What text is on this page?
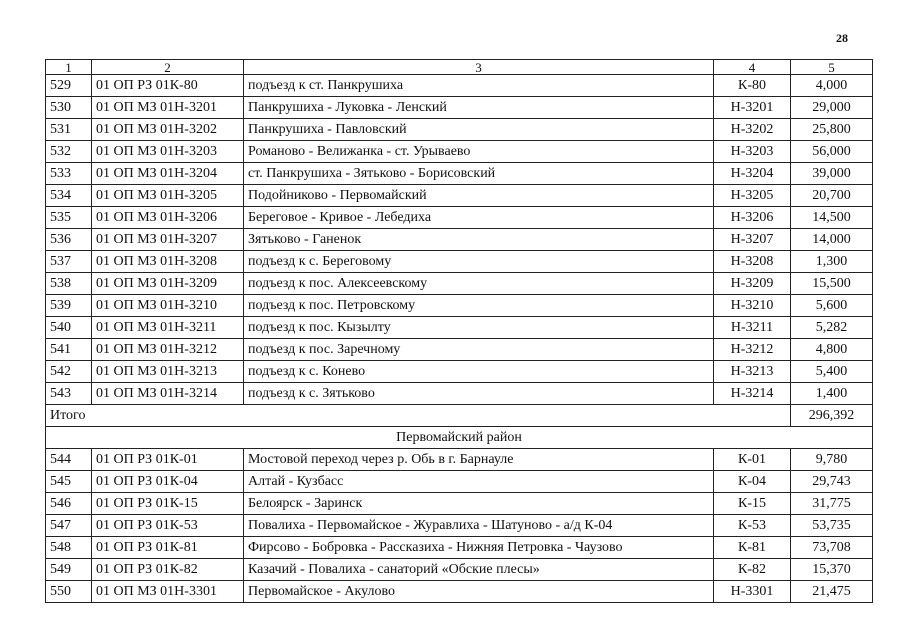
28
1	2	3	4	5
529	01 ОП РЗ 01К-80	подъезд к ст. Панкрушиха	К-80	4,000
530	01 ОП МЗ 01Н-3201	Панкрушиха - Луковка - Ленский	Н-3201	29,000
531	01 ОП МЗ 01Н-3202	Панкрушиха - Павловский	Н-3202	25,800
532	01 ОП МЗ 01Н-3203	Романово - Велижанка - ст. Урываево	Н-3203	56,000
533	01 ОП МЗ 01Н-3204	ст. Панкрушиха - Зятьково - Борисовский	Н-3204	39,000
534	01 ОП МЗ 01Н-3205	Подойниково - Первомайский	Н-3205	20,700
535	01 ОП МЗ 01Н-3206	Береговое - Кривое - Лебедиха	Н-3206	14,500
536	01 ОП МЗ 01Н-3207	Зятьково - Ганенок	Н-3207	14,000
537	01 ОП МЗ 01Н-3208	подъезд к с. Береговому	Н-3208	1,300
538	01 ОП МЗ 01Н-3209	подъезд к пос. Алексеевскому	Н-3209	15,500
539	01 ОП МЗ 01Н-3210	подъезд к пос. Петровскому	Н-3210	5,600
540	01 ОП МЗ 01Н-3211	подъезд к пос. Кызылту	Н-3211	5,282
541	01 ОП МЗ 01Н-3212	подъезд к пос. Заречному	Н-3212	4,800
542	01 ОП МЗ 01Н-3213	подъезд к с. Конево	Н-3213	5,400
543	01 ОП МЗ 01Н-3214	подъезд к с. Зятьково	Н-3214	1,400
Итого				296,392
Первомайский район				
544	01 ОП РЗ 01К-01	Мостовой переход через р. Обь в г. Барнауле	К-01	9,780
545	01 ОП РЗ 01К-04	Алтай - Кузбасс	К-04	29,743
546	01 ОП РЗ 01К-15	Белоярск - Заринск	К-15	31,775
547	01 ОП РЗ 01К-53	Повалиха - Первомайское - Журавлиха - Шатуново - а/д К-04	К-53	53,735
548	01 ОП РЗ 01К-81	Фирсово - Бобровка - Рассказиха - Нижняя Петровка - Чаузово	К-81	73,708
549	01 ОП РЗ 01К-82	Казачий - Повалиха - санаторий «Обские плесы»	К-82	15,370
550	01 ОП МЗ 01Н-3301	Первомайское - Акулово	Н-3301	21,475
